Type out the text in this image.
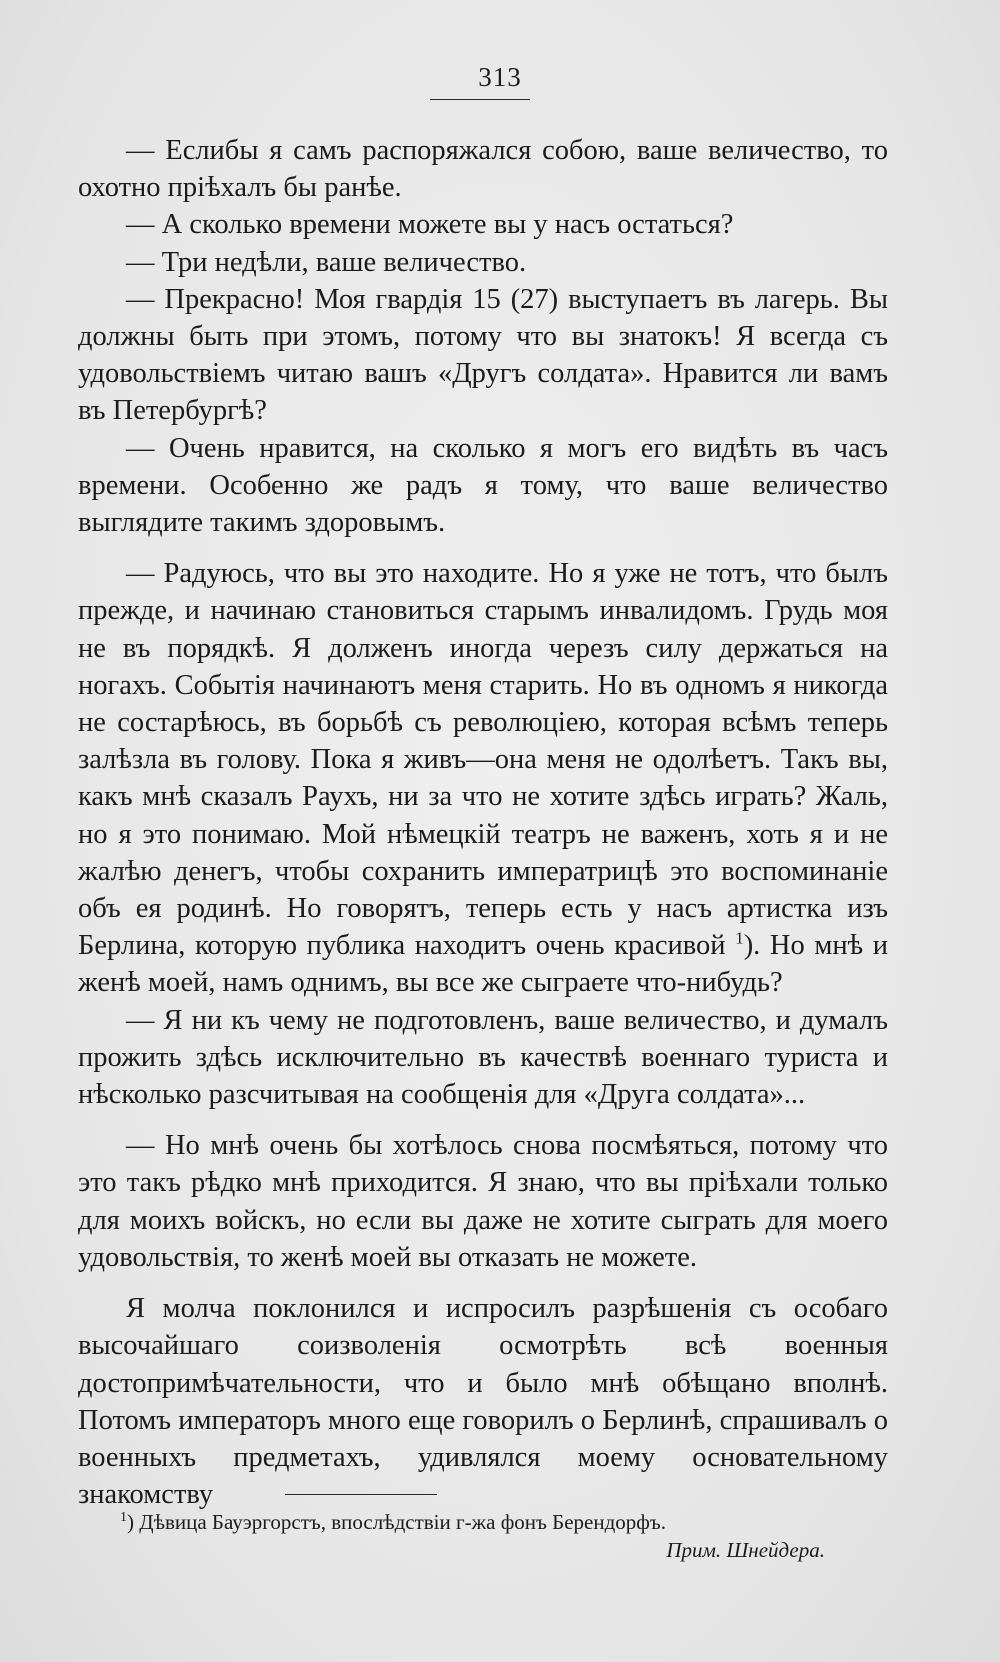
313

— Еслибы я самъ распоряжался собою, ваше величество, то охотно пріѣхалъ бы ранѣе.

— А сколько времени можете вы у насъ остаться?

— Три недѣли, ваше величество.

— Прекрасно! Моя гвардія 15 (27) выступаетъ въ лагерь. Вы должны быть при этомъ, потому что вы знатокъ! Я всегда съ удовольствіемъ читаю вашъ «Другъ солдата». Нравится ли вамъ въ Петербургѣ?

— Очень нравится, на сколько я могъ его видѣть въ часъ времени. Особенно же радъ я тому, что ваше величество выглядите такимъ здоровымъ.

— Радуюсь, что вы это находите. Но я уже не тотъ, что былъ прежде, и начинаю становиться старымъ инвалидомъ. Грудь моя не въ порядкѣ. Я долженъ иногда черезъ силу держаться на ногахъ. Событія начинаютъ меня старить. Но въ одномъ я никогда не состарѣюсь, въ борьбѣ съ революціею, которая всѣмъ теперь залѣзла въ голову. Пока я живъ—она меня не одолѣетъ. Такъ вы, какъ мнѣ сказалъ Раухъ, ни за что не хотите здѣсь играть? Жаль, но я это понимаю. Мой нѣмецкій театръ не важенъ, хоть я и не жалѣю денегъ, чтобы сохранить императрицѣ это воспоминаніе объ ея родинѣ. Но говорятъ, теперь есть у насъ артистка изъ Берлина, которую публика находитъ очень красивой $^1$). Но мнѣ и женѣ моей, намъ однимъ, вы все же сыграете что-нибудь?

— Я ни къ чему не подготовленъ, ваше величество, и думалъ прожить здѣсь исключительно въ качествѣ военнаго туриста и нѣсколько разсчитывая на сообщенія для «Друга солдата»...

— Но мнѣ очень бы хотѣлось снова посмѣяться, потому что это такъ рѣдко мнѣ приходится. Я знаю, что вы пріѣхали только для моихъ войскъ, но если вы даже не хотите сыграть для моего удовольствія, то женѣ моей вы отказать не можете.

Я молча поклонился и испросилъ разрѣшенія съ особаго высочайшаго соизволенія осмотрѣть всѣ военныя достопримѣчательности, что и было мнѣ обѣщано вполнѣ. Потомъ императоръ много еще говорилъ о Берлинѣ, спрашивалъ о военныхъ предметахъ, удивлялся моему основательному знакомству

$^1$) Дѣвица Бауэргорстъ, впослѣдствіи г-жа фонъ Берендорфъ.
Прим. Шнейдера.
